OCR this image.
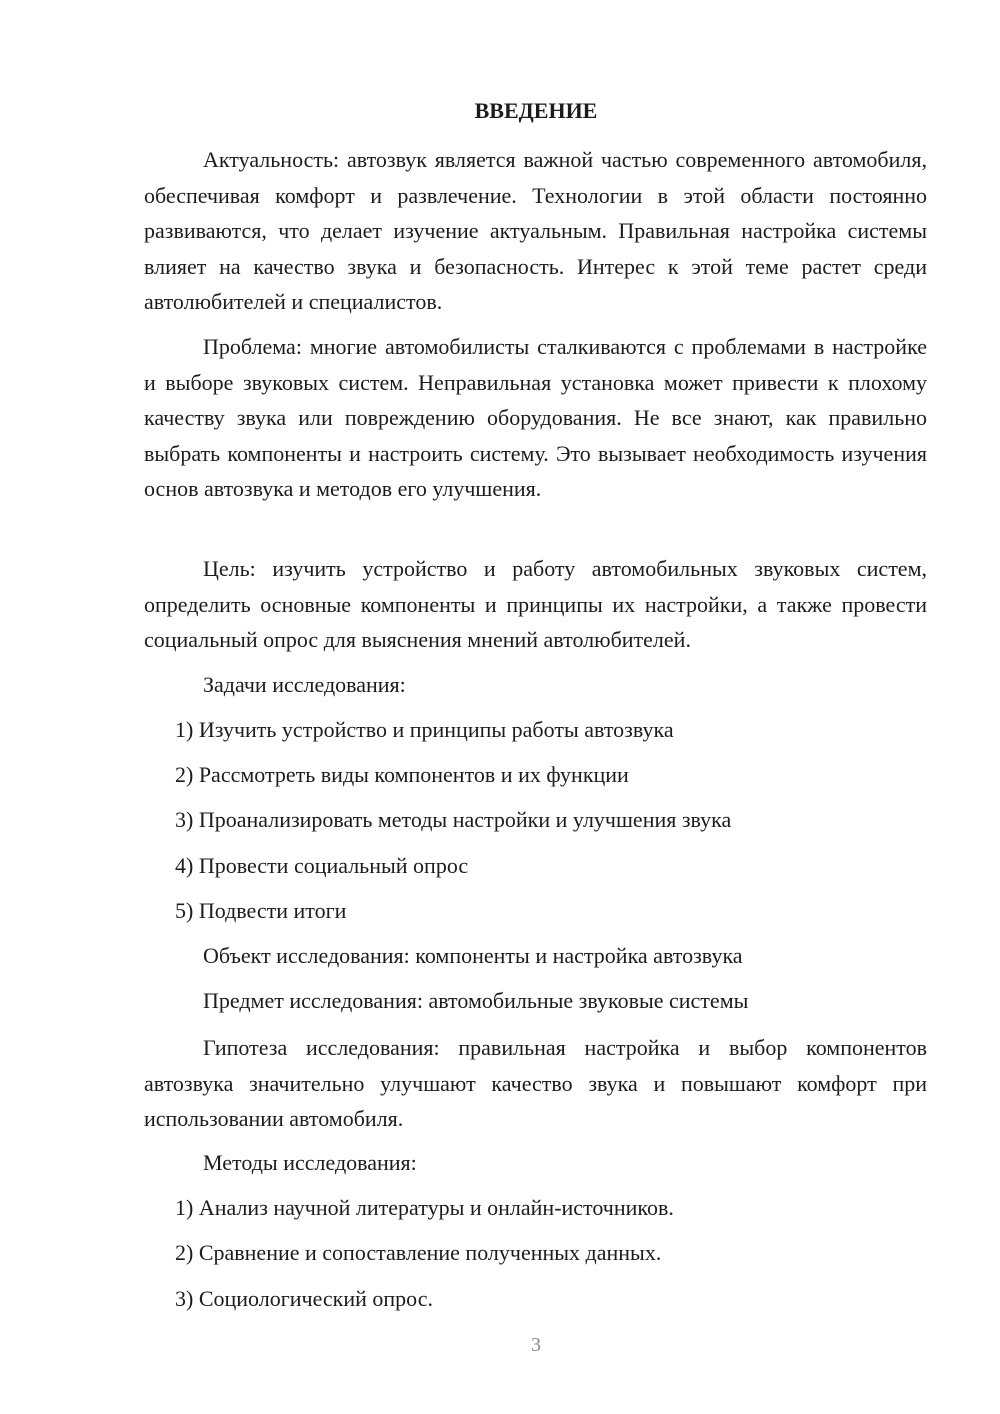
ВВЕДЕНИЕ
Актуальность: автозвук является важной частью современного автомобиля, обеспечивая комфорт и развлечение. Технологии в этой области постоянно развиваются, что делает изучение актуальным. Правильная настройка системы влияет на качество звука и безопасность. Интерес к этой теме растет среди автолюбителей и специалистов.
Проблема: многие автомобилисты сталкиваются с проблемами в настройке и выборе звуковых систем. Неправильная установка может привести к плохому качеству звука или повреждению оборудования. Не все знают, как правильно выбрать компоненты и настроить систему. Это вызывает необходимость изучения основ автозвука и методов его улучшения.
Цель: изучить устройство и работу автомобильных звуковых систем, определить основные компоненты и принципы их настройки, а также провести социальный опрос для выяснения мнений автолюбителей.
Задачи исследования:
1) Изучить устройство и принципы работы автозвука
2) Рассмотреть виды компонентов и их функции
3) Проанализировать методы настройки и улучшения звука
4) Провести социальный опрос
5) Подвести итоги
Объект исследования: компоненты и настройка автозвука
Предмет исследования: автомобильные звуковые системы
Гипотеза исследования: правильная настройка и выбор компонентов автозвука значительно улучшают качество звука и повышают комфорт при использовании автомобиля.
Методы исследования:
1) Анализ научной литературы и онлайн-источников.
2) Сравнение и сопоставление полученных данных.
3) Социологический опрос.
3
